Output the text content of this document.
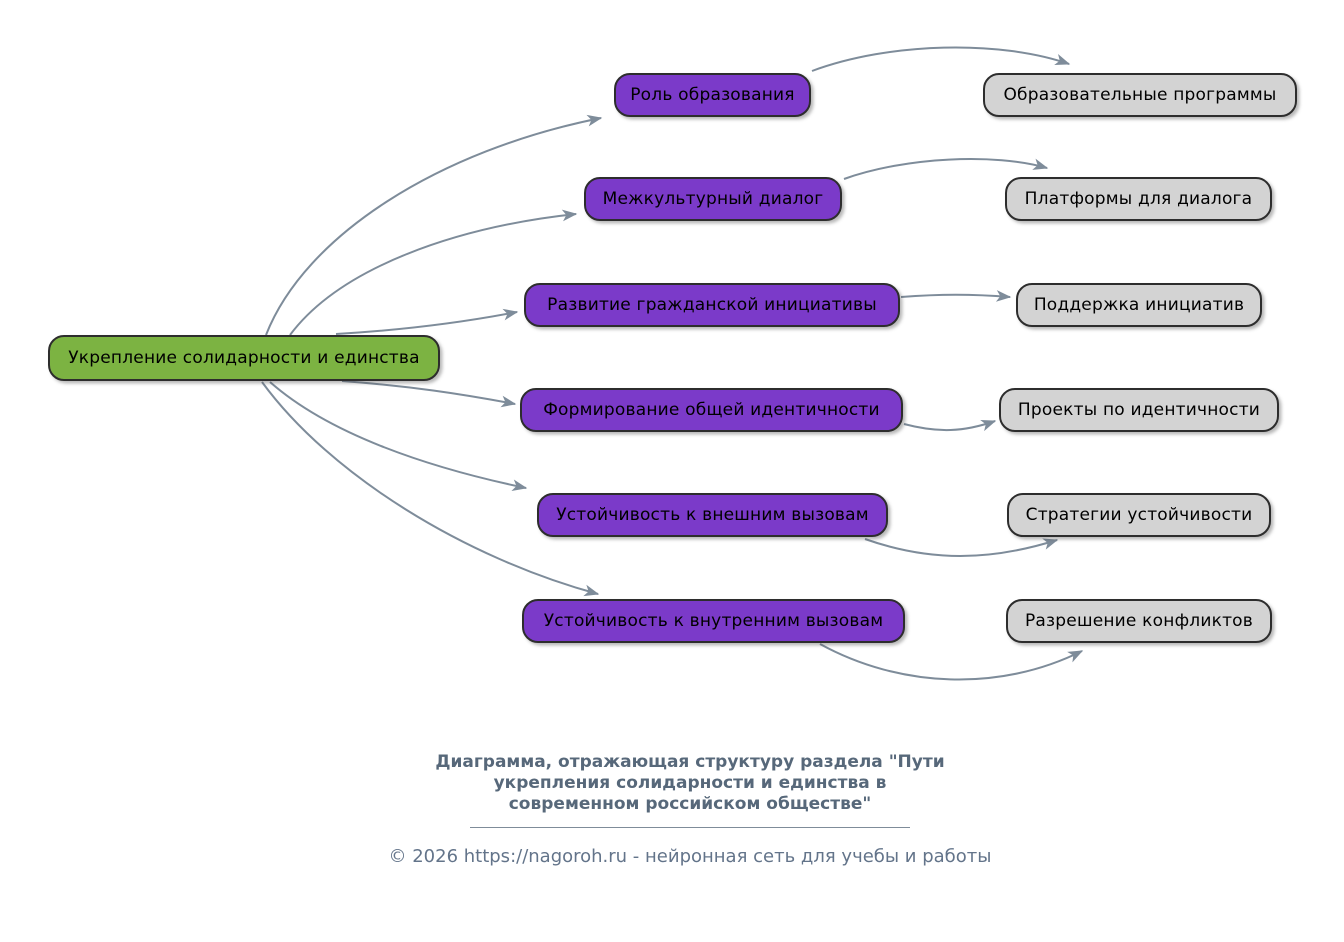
Укрепление солидарности и единства
Роль образования
Межкультурный диалог
Развитие гражданской инициативы
Формирование общей идентичности
Устойчивость к внешним вызовам
Устойчивость к внутренним вызовам
Образовательные программы
Платформы для диалога
Поддержка инициатив
Проекты по идентичности
Стратегии устойчивости
Разрешение конфликтов
Диаграмма, отражающая структуру раздела "Пути
укрепления солидарности и единства в
современном российском обществе"
© 2026 https://nagoroh.ru - нейронная сеть для учебы и работы
